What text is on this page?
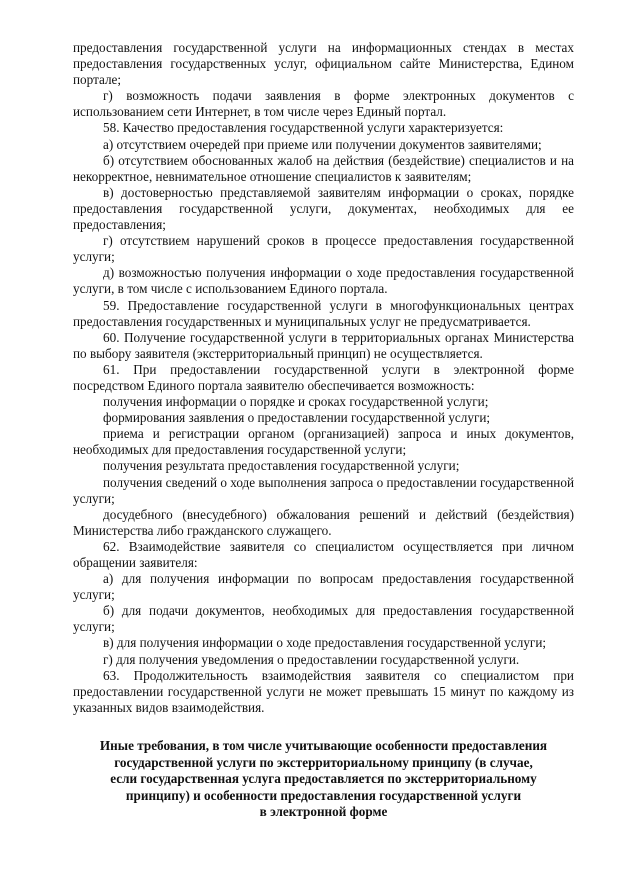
предоставления государственной услуги на информационных стендах в местах предоставления государственных услуг, официальном сайте Министерства, Едином портале;

г) возможность подачи заявления в форме электронных документов с использованием сети Интернет, в том числе через Единый портал.

58. Качество предоставления государственной услуги характеризуется:

а) отсутствием очередей при приеме или получении документов заявителями;

б) отсутствием обоснованных жалоб на действия (бездействие) специалистов и на некорректное, невнимательное отношение специалистов к заявителям;

в) достоверностью представляемой заявителям информации о сроках, порядке предоставления государственной услуги, документах, необходимых для ее предоставления;

г) отсутствием нарушений сроков в процессе предоставления государственной услуги;

д) возможностью получения информации о ходе предоставления государственной услуги, в том числе с использованием Единого портала.

59. Предоставление государственной услуги в многофункциональных центрах предоставления государственных и муниципальных услуг не предусматривается.

60. Получение государственной услуги в территориальных органах Министерства по выбору заявителя (экстерриториальный принцип) не осуществляется.

61. При предоставлении государственной услуги в электронной форме посредством Единого портала заявителю обеспечивается возможность:

получения информации о порядке и сроках государственной услуги;

формирования заявления о предоставлении государственной услуги;

приема и регистрации органом (организацией) запроса и иных документов, необходимых для предоставления государственной услуги;

получения результата предоставления государственной услуги;

получения сведений о ходе выполнения запроса о предоставлении государственной услуги;

досудебного (внесудебного) обжалования решений и действий (бездействия) Министерства либо гражданского служащего.

62. Взаимодействие заявителя со специалистом осуществляется при личном обращении заявителя:

а) для получения информации по вопросам предоставления государственной услуги;

б) для подачи документов, необходимых для предоставления государственной услуги;

в) для получения информации о ходе предоставления государственной услуги;

г) для получения уведомления о предоставлении государственной услуги.

63. Продолжительность взаимодействия заявителя со специалистом при предоставлении государственной услуги не может превышать 15 минут по каждому из указанных видов взаимодействия.

Иные требования, в том числе учитывающие особенности предоставления
государственной услуги по экстерриториальному принципу (в случае,
если государственная услуга предоставляется по экстерриториальному
принципу) и особенности предоставления государственной услуги
в электронной форме
